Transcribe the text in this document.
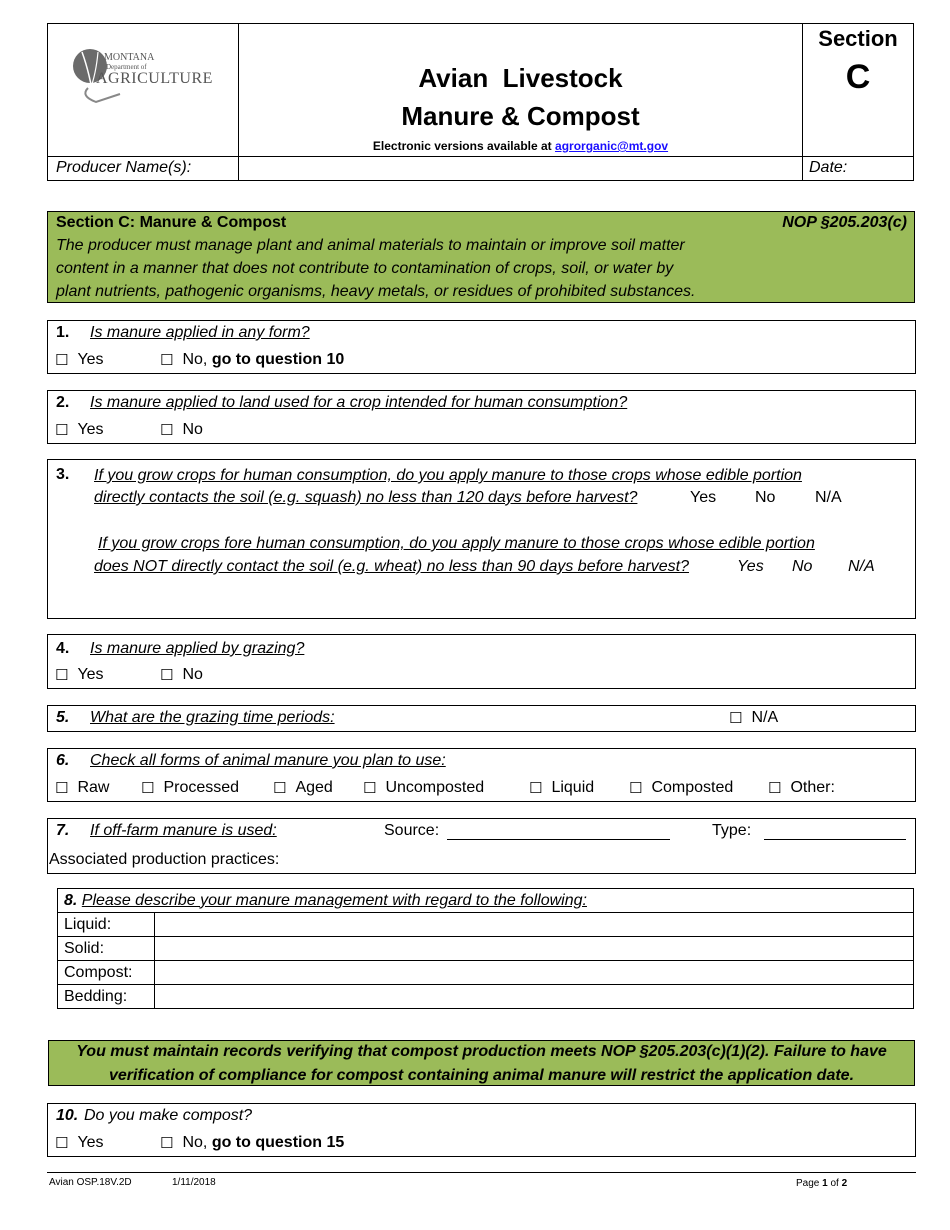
MONTANA
Department of
AGRICULTURE	Avian  Livestock
Manure & Compost
Electronic versions available at agrorganic@mt.gov
Section
C
Producer Name(s):	Date:
Section C: Manure & Compost	NOP §205.203(c)
The producer must manage plant and animal materials to maintain or improve soil matter
content in a manner that does not contribute to contamination of crops, soil, or water by
plant nutrients, pathogenic organisms, heavy metals, or residues of prohibited substances.
1. Is manure applied in any form?
☐ Yes	☐ No, go to question 10
2. Is manure applied to land used for a crop intended for human consumption?
☐ Yes	☐ No
3. If you grow crops for human consumption, do you apply manure to those crops whose edible portion
directly contacts the soil (e.g. squash) no less than 120 days before harvest?	Yes No N/A
If you grow crops fore human consumption, do you apply manure to those crops whose edible portion
does NOT directly contact the soil (e.g. wheat) no less than 90 days before harvest?	Yes No N/A
4. Is manure applied by grazing?
☐ Yes	☐ No
5. What are the grazing time periods:	☐ N/A
6. Check all forms of animal manure you plan to use:
☐ Raw ☐ Processed ☐ Aged ☐ Uncomposted	☐ Liquid ☐ Composted ☐ Other:
7. If off-farm manure is used:	Source:	Type:
Associated production practices:
8. Please describe your manure management with regard to the following:	
Liquid:	
Solid:	
Compost:	
Bedding:	
You must maintain records verifying that compost production meets NOP §205.203(c)(1)(2). Failure to have
verification of compliance for compost containing animal manure will restrict the application date.
10. Do you make compost?
☐ Yes	☐ No, go to question 15
Avian OSP.18V.2D	1/11/2018	Page 1 of 2
